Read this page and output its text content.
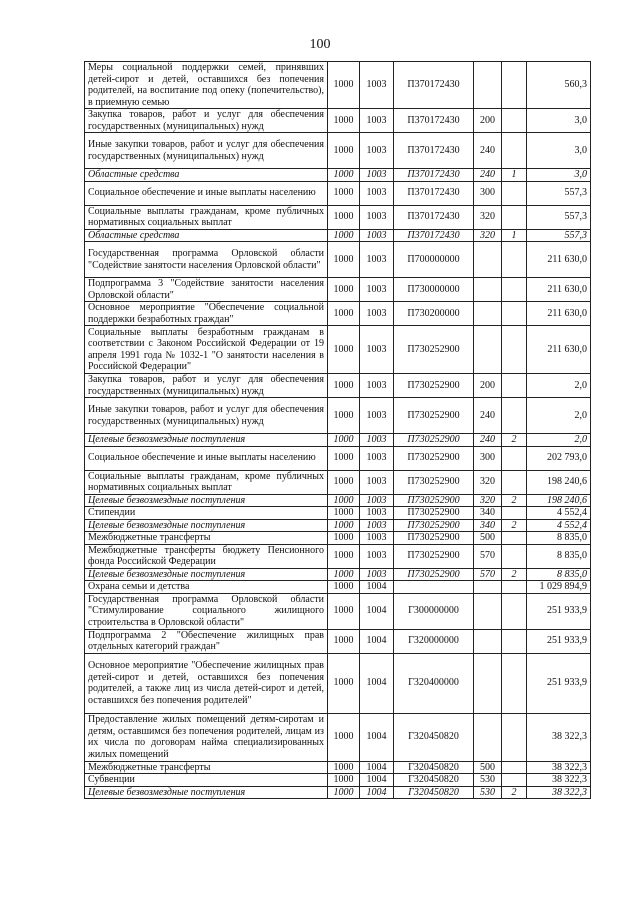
100
Меры социальной поддержки семей, принявших детей-сирот и детей, оставшихся без попечения родителей, на воспитание под опеку (попечительство), в приемную семью	1000	1003	П370172430			560,3
Закупка товаров, работ и услуг для обеспечения государственных (муниципальных) нужд	1000	1003	П370172430	200		3,0
Иные закупки товаров, работ и услуг для обеспечения государственных (муниципальных) нужд	1000	1003	П370172430	240		3,0
Областные средства	1000	1003	П370172430	240	1	3,0
Социальное обеспечение и иные выплаты населению	1000	1003	П370172430	300		557,3
Социальные выплаты гражданам, кроме публичных нормативных социальных выплат	1000	1003	П370172430	320		557,3
Областные средства	1000	1003	П370172430	320	1	557,3
Государственная программа Орловской области "Содействие занятости населения Орловской области"	1000	1003	П700000000			211 630,0
Подпрограмма 3 "Содействие занятости населения Орловской области"	1000	1003	П730000000			211 630,0
Основное мероприятие "Обеспечение социальной поддержки безработных граждан"	1000	1003	П730200000			211 630,0
Социальные выплаты безработным гражданам в соответствии с Законом Российской Федерации от 19 апреля 1991 года № 1032-1 "О занятости населения в Российской Федерации"	1000	1003	П730252900			211 630,0
Закупка товаров, работ и услуг для обеспечения государственных (муниципальных) нужд	1000	1003	П730252900	200		2,0
Иные закупки товаров, работ и услуг для обеспечения государственных (муниципальных) нужд	1000	1003	П730252900	240		2,0
Целевые безвозмездные поступления	1000	1003	П730252900	240	2	2,0
Социальное обеспечение и иные выплаты населению	1000	1003	П730252900	300		202 793,0
Социальные выплаты гражданам, кроме публичных нормативных социальных выплат	1000	1003	П730252900	320		198 240,6
Целевые безвозмездные поступления	1000	1003	П730252900	320	2	198 240,6
Стипендии	1000	1003	П730252900	340		4 552,4
Целевые безвозмездные поступления	1000	1003	П730252900	340	2	4 552,4
Межбюджетные трансферты	1000	1003	П730252900	500		8 835,0
Межбюджетные трансферты бюджету Пенсионного фонда Российской Федерации	1000	1003	П730252900	570		8 835,0
Целевые безвозмездные поступления	1000	1003	П730252900	570	2	8 835,0
Охрана семьи и детства	1000	1004				1 029 894,9
Государственная программа Орловской области "Стимулирование социального жилищного строительства в Орловской области"	1000	1004	Г300000000			251 933,9
Подпрограмма 2 "Обеспечение жилищных прав отдельных категорий граждан"	1000	1004	Г320000000			251 933,9
Основное мероприятие "Обеспечение жилищных прав детей-сирот и детей, оставшихся без попечения родителей, а также лиц из числа детей-сирот и детей, оставшихся без попечения родителей"	1000	1004	Г320400000			251 933,9
Предоставление жилых помещений детям-сиротам и детям, оставшимся без попечения родителей, лицам из их числа по договорам найма специализированных жилых помещений	1000	1004	Г320450820			38 322,3
Межбюджетные трансферты	1000	1004	Г320450820	500		38 322,3
Субвенции	1000	1004	Г320450820	530		38 322,3
Целевые безвозмездные поступления	1000	1004	Г320450820	530	2	38 322,3
